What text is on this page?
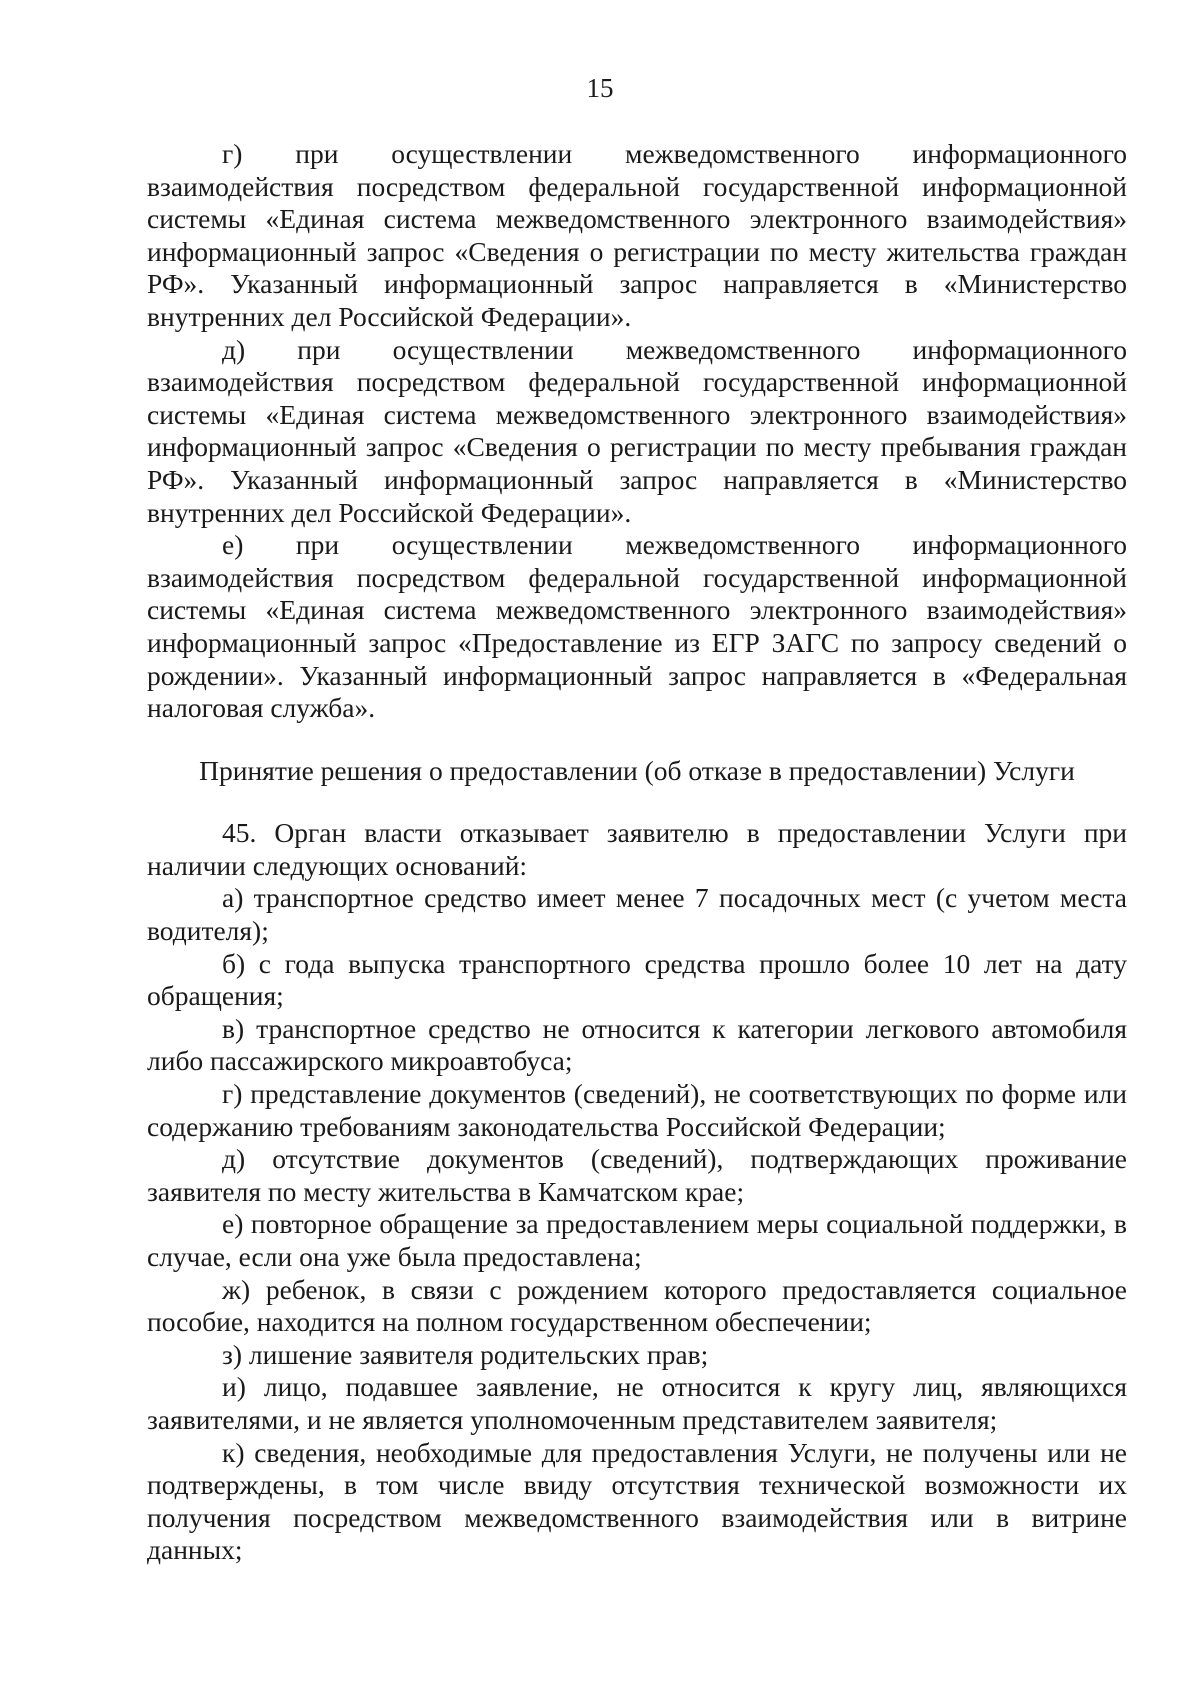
15

г) при осуществлении межведомственного информационного взаимодействия посредством федеральной государственной информационной системы «Единая система межведомственного электронного взаимодействия» информационный запрос «Сведения о регистрации по месту жительства граждан РФ». Указанный информационный запрос направляется в «Министерство внутренних дел Российской Федерации».

д) при осуществлении межведомственного информационного взаимодействия посредством федеральной государственной информационной системы «Единая система межведомственного электронного взаимодействия» информационный запрос «Сведения о регистрации по месту пребывания граждан РФ». Указанный информационный запрос направляется в «Министерство внутренних дел Российской Федерации».

е) при осуществлении межведомственного информационного взаимодействия посредством федеральной государственной информационной системы «Единая система межведомственного электронного взаимодействия» информационный запрос «Предоставление из ЕГР ЗАГС по запросу сведений о рождении». Указанный информационный запрос направляется в «Федеральная налоговая служба».

Принятие решения о предоставлении (об отказе в предоставлении) Услуги

45. Орган власти отказывает заявителю в предоставлении Услуги при наличии следующих оснований:

а) транспортное средство имеет менее 7 посадочных мест (с учетом места водителя);

б) с года выпуска транспортного средства прошло более 10 лет на дату обращения;

в) транспортное средство не относится к категории легкового автомобиля либо пассажирского микроавтобуса;

г) представление документов (сведений), не соответствующих по форме или содержанию требованиям законодательства Российской Федерации;

д) отсутствие документов (сведений), подтверждающих проживание заявителя по месту жительства в Камчатском крае;

е) повторное обращение за предоставлением меры социальной поддержки, в случае, если она уже была предоставлена;

ж) ребенок, в связи с рождением которого предоставляется социальное пособие, находится на полном государственном обеспечении;

з) лишение заявителя родительских прав;

и) лицо, подавшее заявление, не относится к кругу лиц, являющихся заявителями, и не является уполномоченным представителем заявителя;

к) сведения, необходимые для предоставления Услуги, не получены или не подтверждены, в том числе ввиду отсутствия технической возможности их получения посредством межведомственного взаимодействия или в витрине данных;
